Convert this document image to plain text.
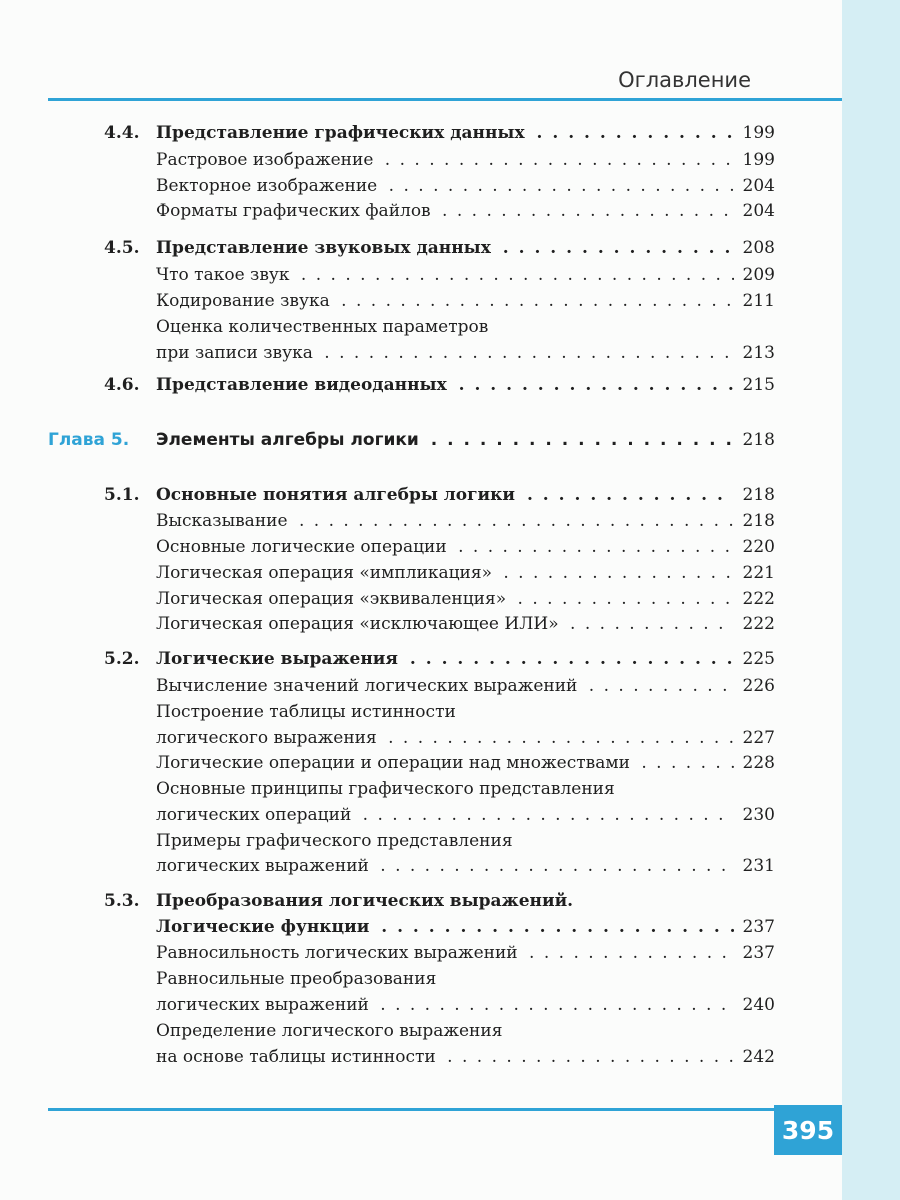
Оглавление
4.4. Представление графических данных . . .	199
Растровое изображение . . .	199
Векторное изображение . . .	204
Форматы графических файлов . . .	204
4.5. Представление звуковых данных . . .	208
Что такое звук . . .	209
Кодирование звука . . .	211
Оценка количественных параметров
при записи звука . . .	213
4.6. Представление видеоданных . . .	215
Глава 5. Элементы алгебры логики . . .	218
5.1. Основные понятия алгебры логики . . .	218
Высказывание . . .	218
Основные логические операции . . .	220
Логическая операция «импликация» . . .	221
Логическая операция «эквиваленция» . . .	222
Логическая операция «исключающее ИЛИ» . . .	222
5.2. Логические выражения . . .	225
Вычисление значений логических выражений . . .	226
Построение таблицы истинности
логического выражения . . .	227
Логические операции и операции над множествами . . .	228
Основные принципы графического представления
логических операций . . .	230
Примеры графического представления
логических выражений . . .	231
5.3. Преобразования логических выражений.
Логические функции . . .	237
Равносильность логических выражений . . .	237
Равносильные преобразования
логических выражений . . .	240
Определение логического выражения
на основе таблицы истинности . . .	242
395
